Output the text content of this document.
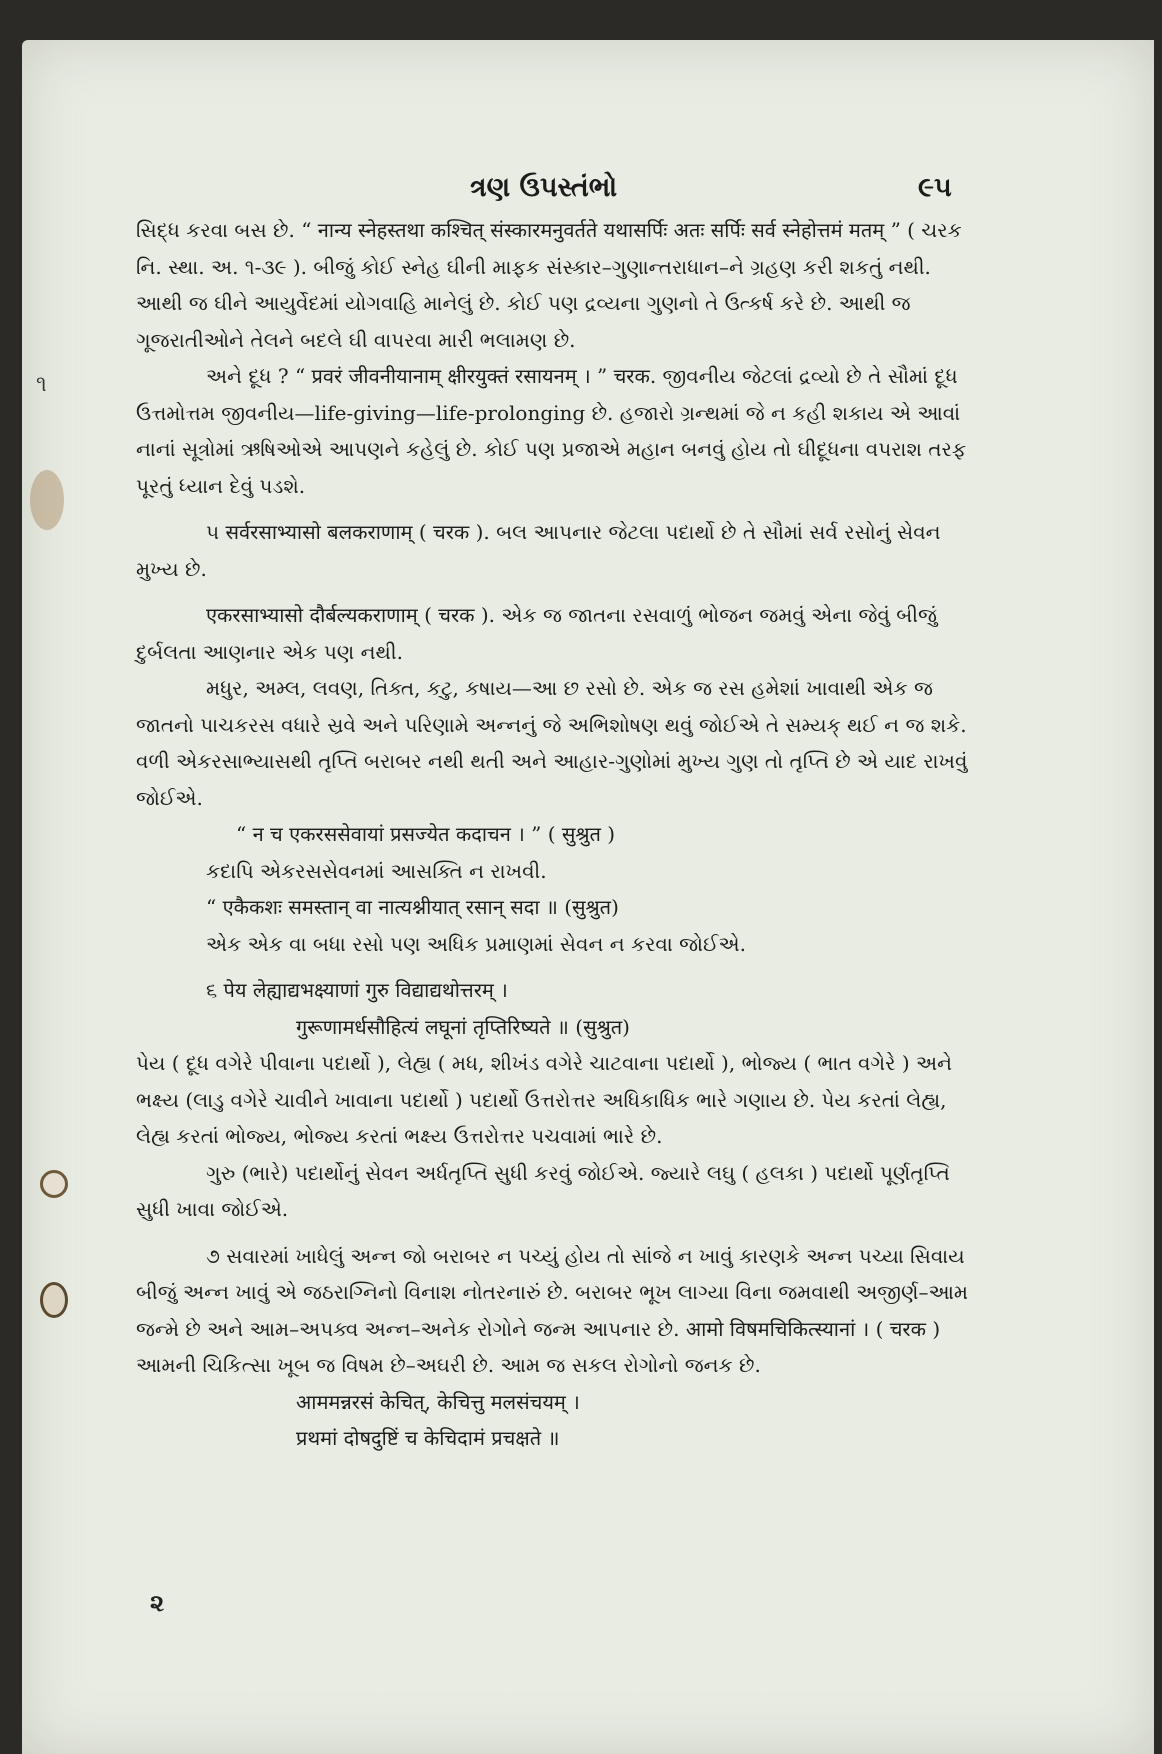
ત્રણ ઉપસ્તંભો	૯૫
૧

સિદ્ધ કરવા બસ છે. “ नान्य स्नेहस्तथा कश्चित् संस्कारमनुवर्तते यथासर्पिः अतः सर्पिः सर्व स्नेहोत्तमं मतम् ” ( ચરક નિ. સ્થા. અ. ૧-૩૯ ). બીજું કોઈ સ્નેહ ઘીની માફક સંસ્કાર–ગુણાન્તરાધાન–ને ગ્રહણ કરી શકતું નથી. આથી જ ઘીને આયુર્વેદમાં યોગવાહિ માનેલું છે. કોઈ પણ દ્રવ્યના ગુણનો તે ઉત્કર્ષ કરે છે. આથી જ ગૂજરાતીઓને તેલને બદલે ઘી વાપરવા મારી ભલામણ છે.

અને દૂધ ? “ प्रवरं जीवनीयानाम् क्षीरयुक्तं रसायनम् । ” चरक. જીવનીય જેટલાં દ્રવ્યો છે તે સૌમાં દૂધ ઉત્તમોત્તમ જીવનીય—life-giving—life-prolonging છે. હજારો ગ્રન્થમાં જે ન કહી શકાય એ આવાં નાનાં સૂત્રોમાં ઋષિઓએ આપણને કહેલું છે. કોઈ પણ પ્રજાએ મહાન બનવું હોય તો ઘીદૂધના વપરાશ તરફ પૂરતું ધ્યાન દેવું પડશે.

૫ सर्वरसाभ्यासो बलकराणाम् ( चरक ). બલ આપનાર જેટલા પદાર્થો છે તે સૌમાં સર્વ રસોનું સેવન મુખ્ય છે.

एकरसाभ्यासो दौर्बल्यकराणाम् ( चरक ). એક જ જાતના રસવાળું ભોજન જમવું એના જેવું બીજું દુર્બલતા આણનાર એક પણ નથી.

મધુર, અમ્લ, લવણ, તિક્ત, કટુ, કષાય—આ છ રસો છે. એક જ રસ હમેશાં ખાવાથી એક જ જાતનો પાચકરસ વધારે સ્રવે અને પરિણામે અન્નનું જે અભિશોષણ થવું જોઈએ તે સમ્યક્ થઈ ન જ શકે. વળી એકરસાભ્યાસથી તૃપ્તિ બરાબર નથી થતી અને આહાર-ગુણોમાં મુખ્ય ગુણ તો તૃપ્તિ છે એ યાદ રાખવું જોઈએ.

“ न च एकरससेवायां प्रसज्येत कदाचन । ” ( सुश्रुत )

કદાપિ એકરસસેવનમાં આસક્તિ ન રાખવી.

“ एकैकशः समस्तान् वा नात्यश्नीयात् रसान् सदा ॥ (सुश्रुत)

એક એક વા બધા રસો પણ અધિક પ્રમાણમાં સેવન ન કરવા જોઈએ.

૬ पेय लेह्याद्यभक्ष्याणां गुरु विद्याद्यथोत्तरम् ।

गुरूणामर्धसौहित्यं लघूनां तृप्तिरिष्यते ॥ (सुश्रुत)

પેય ( દૂધ વગેરે પીવાના પદાર્થો ), લેહ્ય ( મધ, શીખંડ વગેરે ચાટવાના પદાર્થો ), ભોજ્ય ( ભાત વગેરે ) અને ભક્ષ્ય (લાડુ વગેરે ચાવીને ખાવાના પદાર્થો ) પદાર્થો ઉત્તરોત્તર અધિકાધિક ભારે ગણાય છે. પેય કરતાં લેહ્ય, લેહ્ય કરતાં ભોજ્ય, ભોજ્ય કરતાં ભક્ષ્ય ઉત્તરોત્તર પચવામાં ભારે છે.

ગુરુ (ભારે) પદાર્થોનું સેવન અર્ધતૃપ્તિ સુધી કરવું જોઈએ. જ્યારે લઘુ ( હલકા ) પદાર્થો પૂર્ણતૃપ્તિ સુધી ખાવા જોઈએ.

૭ સવારમાં ખાધેલું અન્ન જો બરાબર ન પચ્યું હોય તો સાંજે ન ખાવું કારણકે અન્ન પચ્યા સિવાય બીજું અન્ન ખાવું એ જઠરાગ્નિનો વિનાશ નોતરનારું છે. બરાબર ભૂખ લાગ્યા વિના જમવાથી અજીર્ણ–આમ જન્મે છે અને આમ–અપક્વ અન્ન–અનેક રોગોને જન્મ આપનાર છે. आमो विषमचिकित्स्यानां । ( चरक ) આમની ચિકિત્સા ખૂબ જ વિષમ છે–અઘરી છે. આમ જ સકલ રોગોનો જનક છે.

आममन्नरसं केचित्, केचित्तु मलसंचयम् ।

प्रथमां दोषदुष्टिं च केचिदामं प्रचक्षते ॥

૨
